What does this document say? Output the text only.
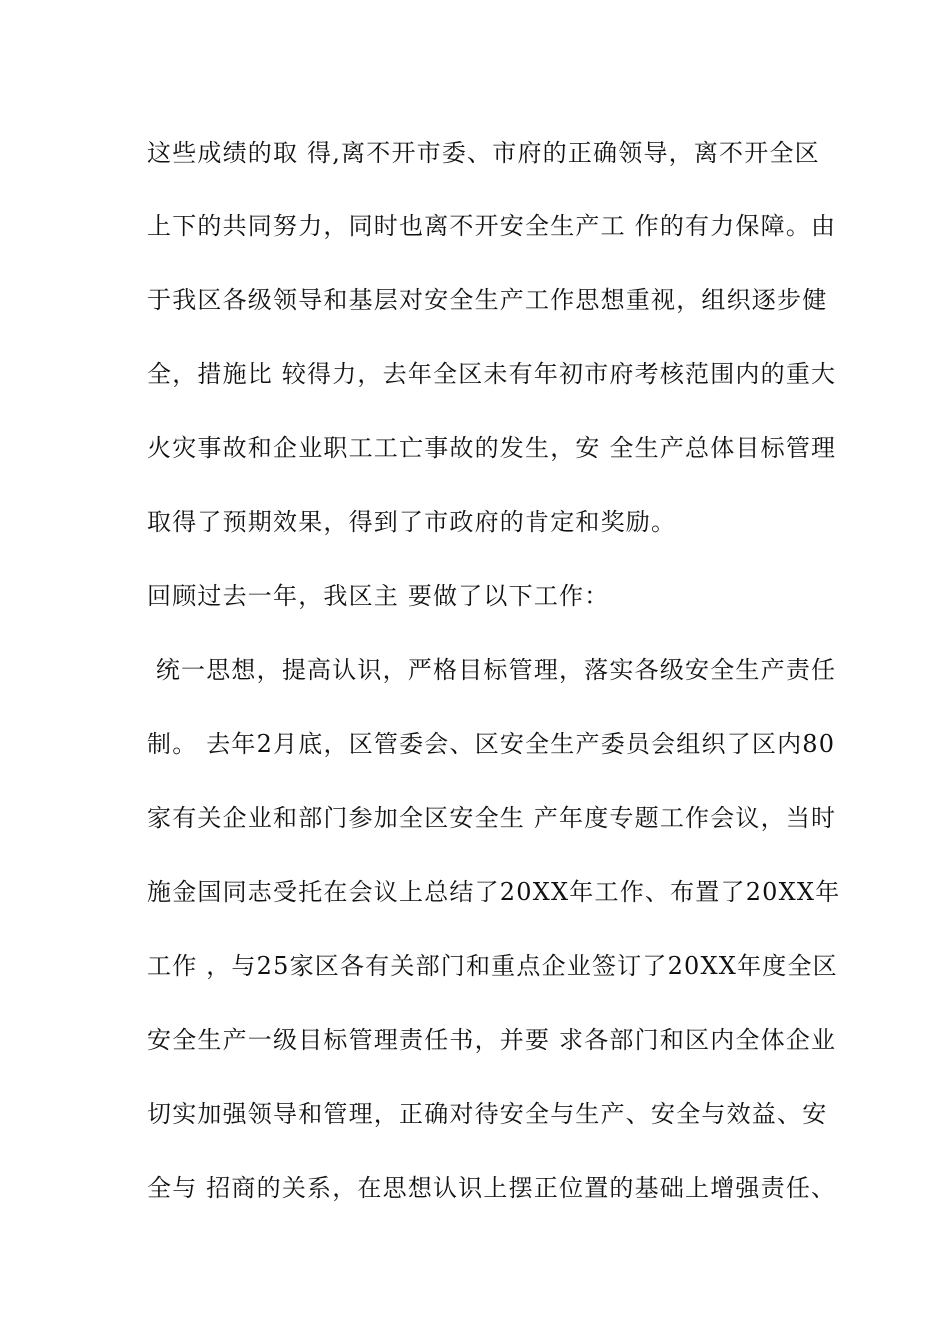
这些成绩的取 得,离不开市委、市府的正确领导，离不开全区
上下的共同努力，同时也离不开安全生产工 作的有力保障。由
于我区各级领导和基层对安全生产工作思想重视，组织逐步健
全，措施比 较得力，去年全区未有年初市府考核范围内的重大
火灾事故和企业职工工亡事故的发生，安 全生产总体目标管理
取得了预期效果，得到了市政府的肯定和奖励。
回顾过去一年，我区主 要做了以下工作：
统一思想，提高认识，严格目标管理，落实各级安全生产责任
制。 去年2月底，区管委会、区安全生产委员会组织了区内80
家有关企业和部门参加全区安全生 产年度专题工作会议，当时
施金国同志受托在会议上总结了20XX年工作、布置了20XX年
工作 ，与25家区各有关部门和重点企业签订了20XX年度全区
安全生产一级目标管理责任书，并要 求各部门和区内全体企业
切实加强领导和管理，正确对待安全与生产、安全与效益、安
全与 招商的关系，在思想认识上摆正位置的基础上增强责任、
